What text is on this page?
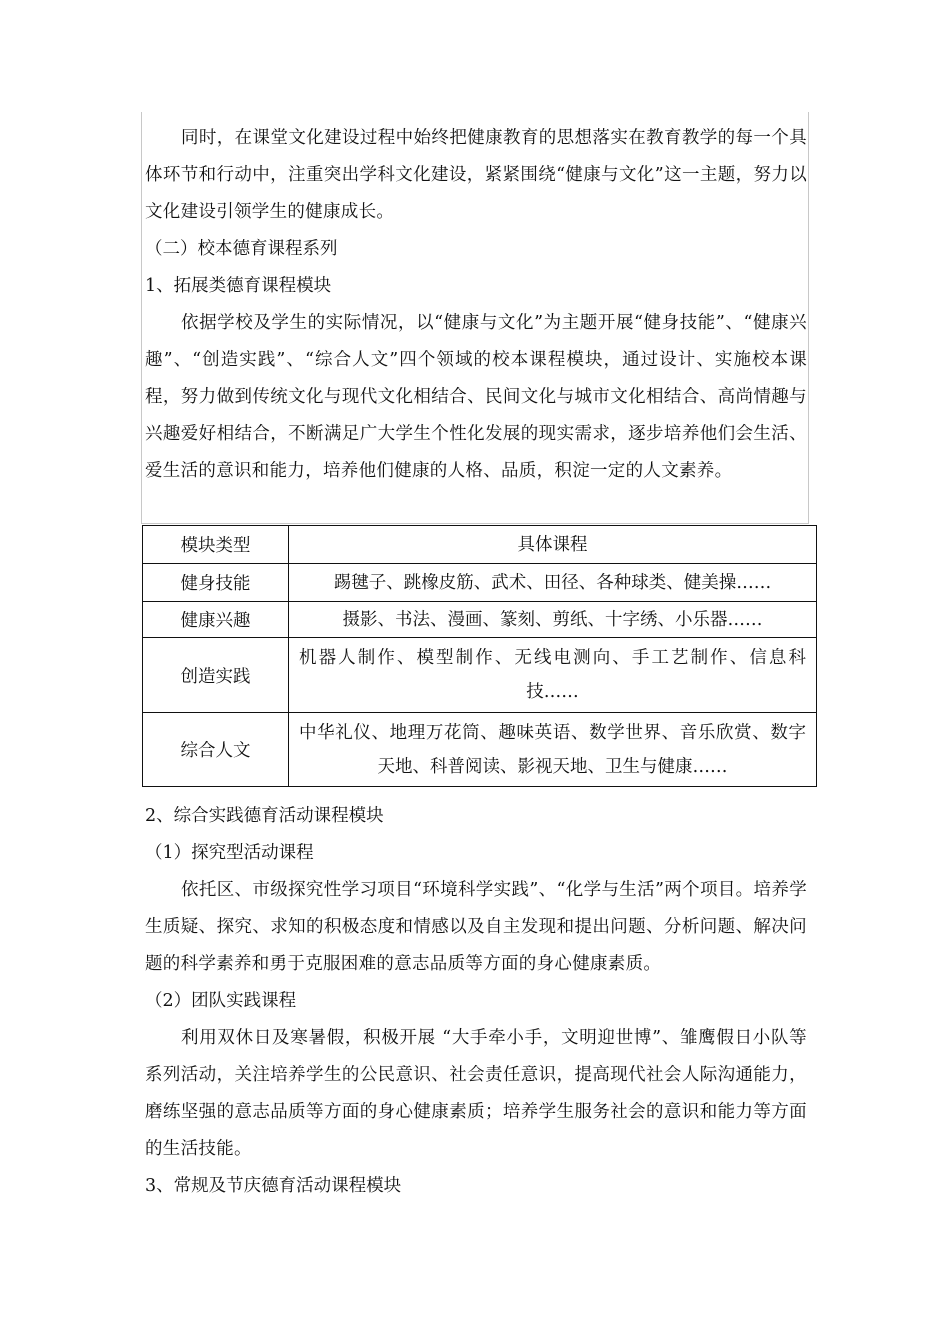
同时，在课堂文化建设过程中始终把健康教育的思想落实在教育教学的每一个具体环节和行动中，注重突出学科文化建设，紧紧围绕“健康与文化”这一主题，努力以文化建设引领学生的健康成长。

（二）校本德育课程系列

1、拓展类德育课程模块

依据学校及学生的实际情况，以“健康与文化”为主题开展“健身技能”、“健康兴趣”、“创造实践”、“综合人文”四个领域的校本课程模块，通过设计、实施校本课程，努力做到传统文化与现代文化相结合、民间文化与城市文化相结合、高尚情趣与兴趣爱好相结合，不断满足广大学生个性化发展的现实需求，逐步培养他们会生活、爱生活的意识和能力，培养他们健康的人格、品质，积淀一定的人文素养。

模块类型	具体课程
健身技能	踢毽子、跳橡皮筋、武术、田径、各种球类、健美操……
健康兴趣	摄影、书法、漫画、篆刻、剪纸、十字绣、小乐器……
创造实践	机器人制作、模型制作、无线电测向、手工艺制作、信息科技……
综合人文	中华礼仪、地理万花筒、趣味英语、数学世界、音乐欣赏、数字天地、科普阅读、影视天地、卫生与健康……

2、综合实践德育活动课程模块

（1）探究型活动课程

依托区、市级探究性学习项目“环境科学实践”、“化学与生活”两个项目。培养学生质疑、探究、求知的积极态度和情感以及自主发现和提出问题、分析问题、解决问题的科学素养和勇于克服困难的意志品质等方面的身心健康素质。

（2）团队实践课程

利用双休日及寒暑假，积极开展 “大手牵小手，文明迎世博”、雏鹰假日小队等系列活动，关注培养学生的公民意识、社会责任意识，提高现代社会人际沟通能力，磨练坚强的意志品质等方面的身心健康素质；培养学生服务社会的意识和能力等方面的生活技能。

3、常规及节庆德育活动课程模块
